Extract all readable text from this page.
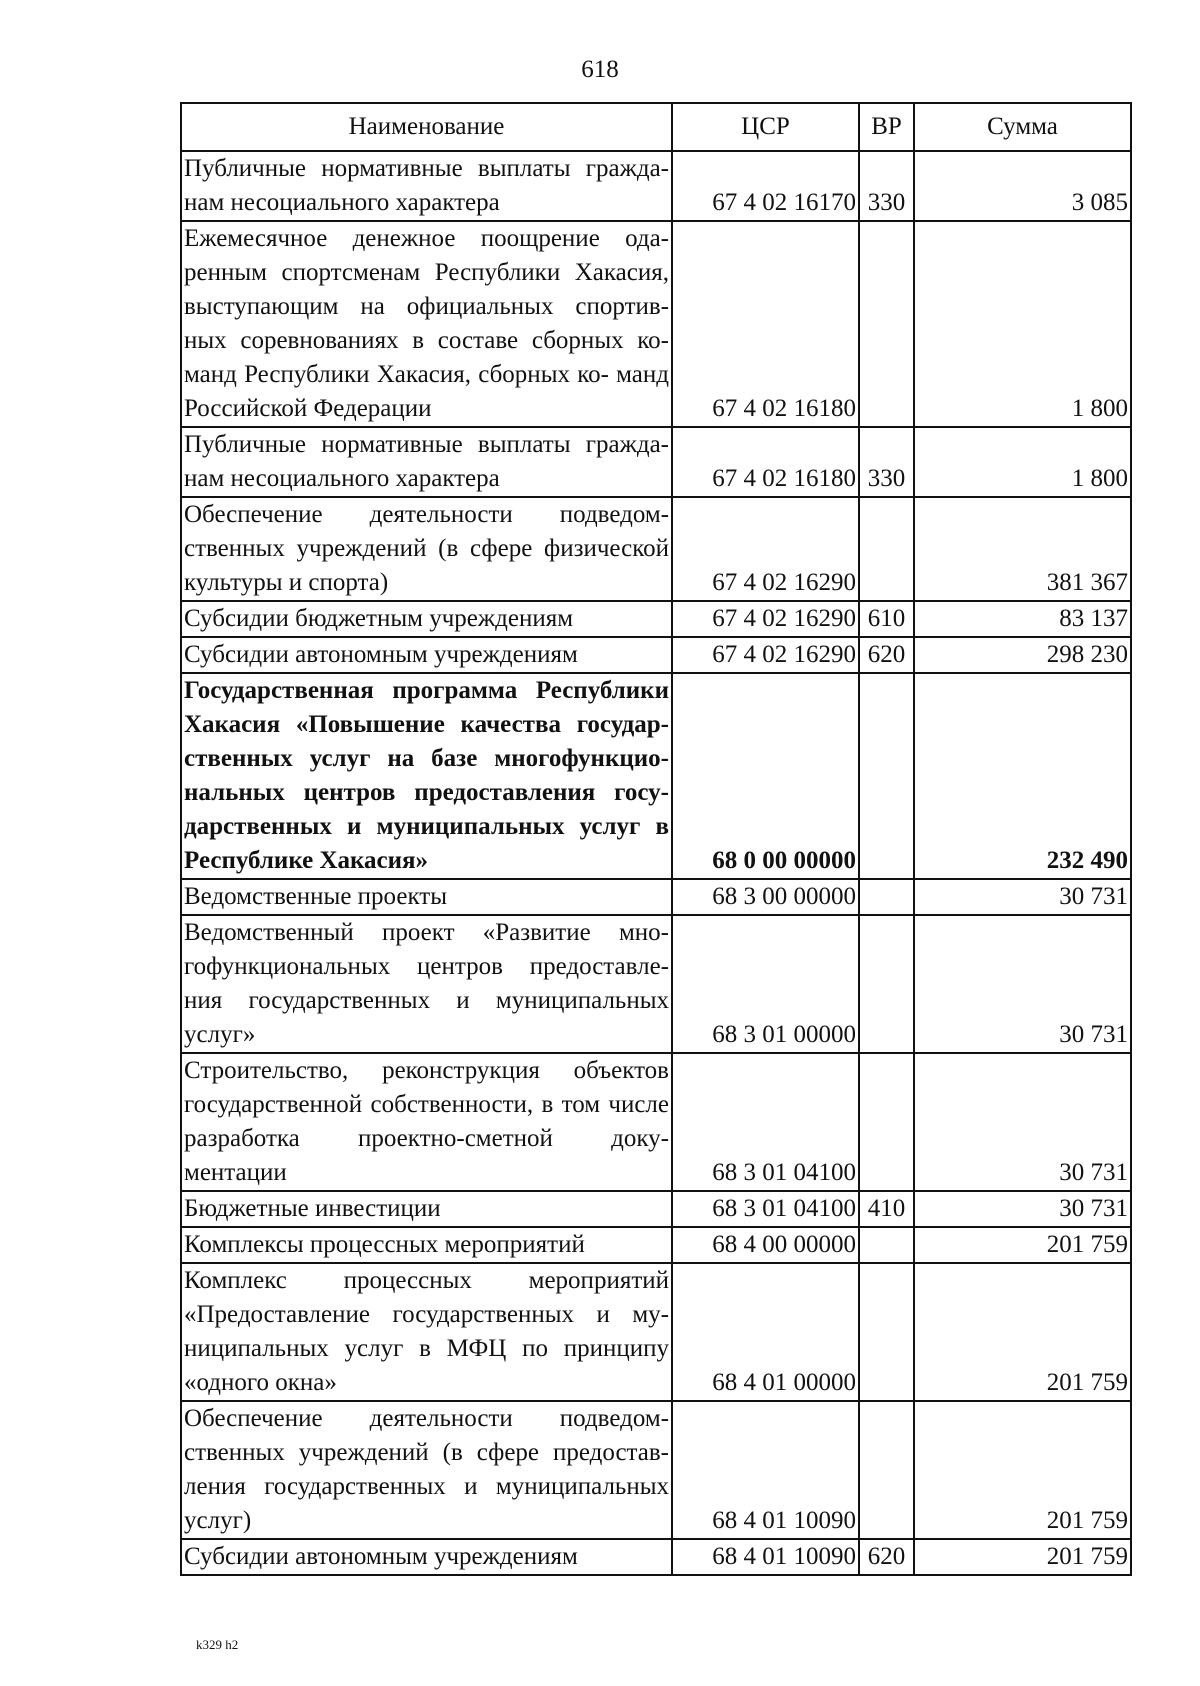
618
Наименование	ЦСР	ВР	Сумма
Публичные нормативные выплаты гражда- нам несоциального характера	67 4 02 16170	330	3 085
Ежемесячное денежное поощрение ода- ренным спортсменам Республики Хакасия, выступающим на официальных спортив- ных соревнованиях в составе сборных ко- манд Республики Хакасия, сборных ко- манд Российской Федерации	67 4 02 16180		1 800
Публичные нормативные выплаты гражда- нам несоциального характера	67 4 02 16180	330	1 800
Обеспечение деятельности подведом- ственных учреждений (в сфере физической культуры и спорта)	67 4 02 16290		381 367
Субсидии бюджетным учреждениям	67 4 02 16290	610	83 137
Субсидии автономным учреждениям	67 4 02 16290	620	298 230
Государственная программа Республики Хакасия «Повышение качества государ- ственных услуг на базе многофункцио- нальных центров предоставления госу- дарственных и муниципальных услуг в Республике Хакасия»	68 0 00 00000		232 490
Ведомственные проекты	68 3 00 00000		30 731
Ведомственный проект «Развитие мно- гофункциональных центров предоставле- ния государственных и муниципальных услуг»	68 3 01 00000		30 731
Строительство, реконструкция объектов государственной собственности, в том числе разработка проектно-сметной доку- ментации	68 3 01 04100		30 731
Бюджетные инвестиции	68 3 01 04100	410	30 731
Комплексы процессных мероприятий	68 4 00 00000		201 759
Комплекс процессных мероприятий «Предоставление государственных и му- ниципальных услуг в МФЦ по принципу «одного окна»	68 4 01 00000		201 759
Обеспечение деятельности подведом- ственных учреждений (в сфере предостав- ления государственных и муниципальных услуг)	68 4 01 10090		201 759
Субсидии автономным учреждениям	68 4 01 10090	620	201 759
k329 h2
